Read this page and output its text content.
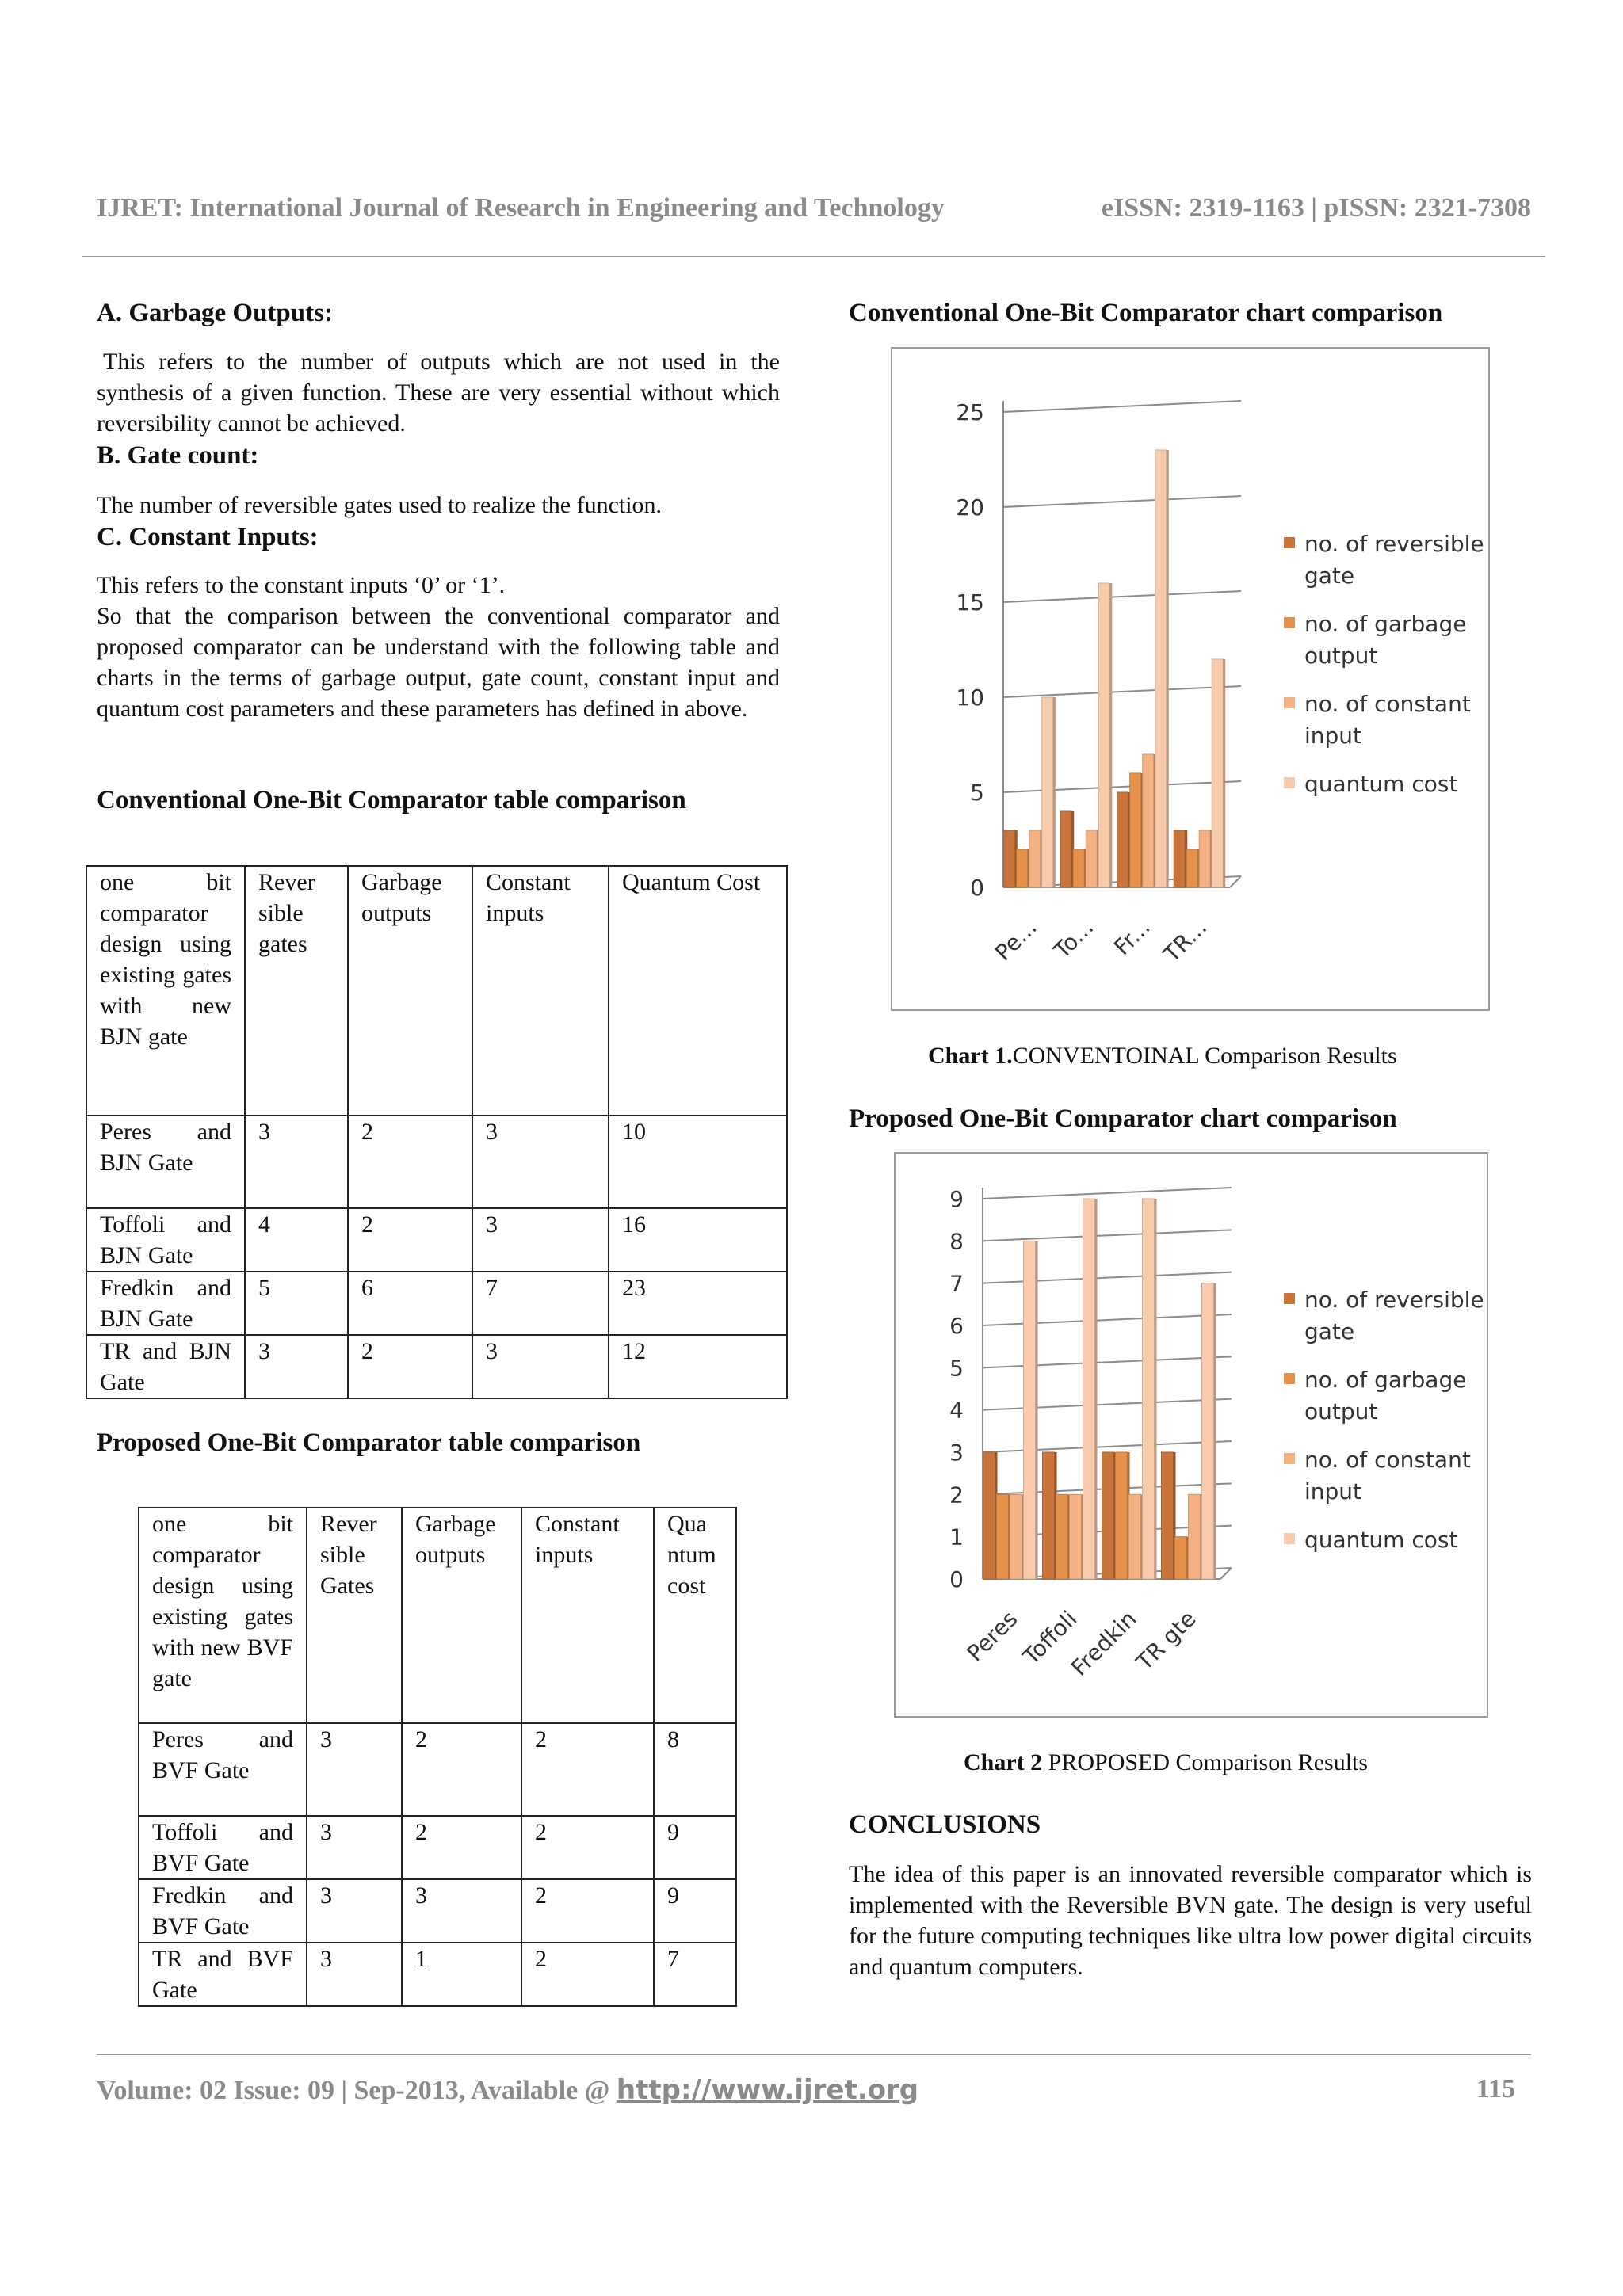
IJRET: International Journal of Research in Engineering and Technology	eISSN: 2319-1163 | pISSN: 2321-7308
A. Garbage Outputs:
This refers to the number of outputs which are not used in the synthesis of a given function. These are very essential without which reversibility cannot be achieved.
B. Gate count:
The number of reversible gates used to realize the function.
C. Constant Inputs:
This refers to the constant inputs ‘0’ or ‘1’.
So that the comparison between the conventional comparator and proposed comparator can be understand with the following table and charts in the terms of garbage output, gate count, constant input and quantum cost parameters and these parameters has defined in above.
Conventional One-Bit Comparator table comparison
one bit comparator design using existing gates with new BJN gate	Rever sible gates	Garbage outputs	Constant inputs	Quantum Cost
Peres and BJN Gate	3	2	3	10
Toffoli and BJN Gate	4	2	3	16
Fredkin and BJN Gate	5	6	7	23
TR and BJN Gate	3	2	3	12
Proposed One-Bit Comparator table comparison
one bit comparator design using existing gates with new BVF gate	Rever sible Gates	Garbage outputs	Constant inputs	Qua ntum cost
Peres and BVF Gate	3	2	2	8
Toffoli and BVF Gate	3	2	2	9
Fredkin and BVF Gate	3	3	2	9
TR and BVF Gate	3	1	2	7
Conventional One-Bit Comparator chart comparison
0
5
10
15
20
25
Pe... To... Fr... TR...
no. of reversible
gate
no. of garbage
output
no. of constant
input
quantum cost
Chart 1.CONVENTOINAL Comparison Results
Proposed One-Bit Comparator chart comparison
0
1
2
3
4
5
6
7
8
9
Peres
Toffoli
Fredkin
TR gte
no. of reversible
gate
no. of garbage
output
no. of constant
input
quantum cost
Chart 2 PROPOSED Comparison Results
CONCLUSIONS
The idea of this paper is an innovated reversible comparator which is implemented with the Reversible BVN gate. The design is very useful for the future computing techniques like ultra low power digital circuits and quantum computers.
Volume: 02 Issue: 09 | Sep-2013, Available @ http://www.ijret.org	115
